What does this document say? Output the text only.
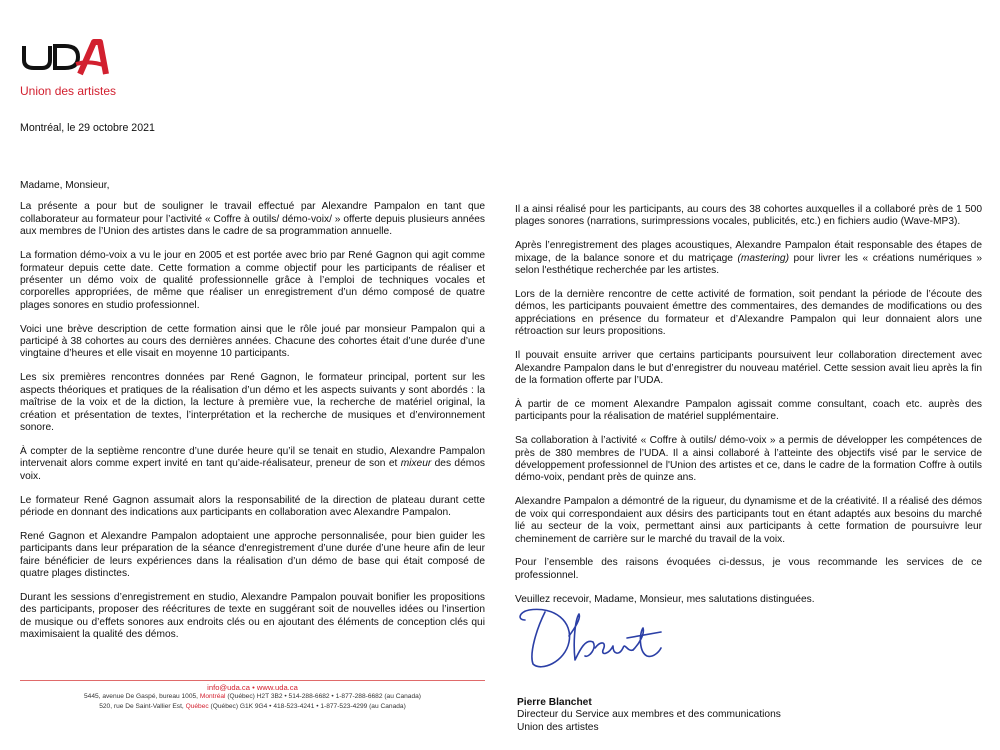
Union des artistes
Montréal, le 29 octobre 2021

Madame, Monsieur,

La présente a pour but de souligner le travail effectué par Alexandre Pampalon en tant que collaborateur au formateur pour l’activité « Coffre à outils/ démo-voix/ » offerte depuis plusieurs années aux membres de l’Union des artistes dans le cadre de sa programmation annuelle.

La formation démo-voix a vu le jour en 2005 et est portée avec brio par René Gagnon qui agit comme formateur depuis cette date. Cette formation a comme objectif pour les participants de réaliser et présenter un démo voix de qualité professionnelle grâce à l’emploi de techniques vocales et corporelles appropriées, de même que réaliser un enregistrement d’un démo composé de quatre plages sonores en studio professionnel.

Voici une brève description de cette formation ainsi que le rôle joué par monsieur Pampalon qui a participé à 38 cohortes au cours des dernières années. Chacune des cohortes était d’une durée d’une vingtaine d’heures et elle visait en moyenne 10 participants.

Les six premières rencontres données par René Gagnon, le formateur principal, portent sur les aspects théoriques et pratiques de la réalisation d’un démo et les aspects suivants y sont abordés : la maîtrise de la voix et de la diction, la lecture à première vue, la recherche de matériel original, la création et présentation de textes, l’interprétation et la recherche de musiques et d’environnement sonore.

À compter de la septième rencontre d’une durée heure qu’il se tenait en studio, Alexandre Pampalon intervenait alors comme expert invité en tant qu’aide-réalisateur, preneur de son et mixeur des démos voix.

Le formateur René Gagnon assumait alors la responsabilité de la direction de plateau durant cette période en donnant des indications aux participants en collaboration avec Alexandre Pampalon.

René Gagnon et Alexandre Pampalon adoptaient une approche personnalisée, pour bien guider les participants dans leur préparation de la séance d'enregistrement d’une durée d’une heure afin de leur faire bénéficier de leurs expériences dans la réalisation d’un démo de base qui était composé de quatre plages distinctes.

Durant les sessions d’enregistrement en studio, Alexandre Pampalon pouvait bonifier les propositions des participants, proposer des réécritures de texte en suggérant soit de nouvelles idées ou l’insertion de musique ou d’effets sonores aux endroits clés ou en ajoutant des éléments de conception clés qui maximisaient la qualité des démos.

Il a ainsi réalisé pour les participants, au cours des 38 cohortes auxquelles il a collaboré près de 1 500 plages sonores (narrations, surimpressions vocales, publicités, etc.) en fichiers audio (Wave-MP3).

Après l’enregistrement des plages acoustiques, Alexandre Pampalon était responsable des étapes de mixage, de la balance sonore et du matriçage (mastering) pour livrer les « créations numériques » selon l'esthétique recherchée par les artistes.

Lors de la dernière rencontre de cette activité de formation, soit pendant la période de l’écoute des démos, les participants pouvaient émettre des commentaires, des demandes de modifications ou des appréciations en présence du formateur et d’Alexandre Pampalon qui leur donnaient alors une rétroaction sur leurs propositions.

Il pouvait ensuite arriver que certains participants poursuivent leur collaboration directement avec Alexandre Pampalon dans le but d’enregistrer du nouveau matériel. Cette session avait lieu après la fin de la formation offerte par l’UDA.

À partir de ce moment Alexandre Pampalon agissait comme consultant, coach etc. auprès des participants pour la réalisation de matériel supplémentaire.

Sa collaboration à l’activité « Coffre à outils/ démo-voix » a permis de développer les compétences de près de 380 membres de l’UDA. Il a ainsi collaboré à l’atteinte des objectifs visé par le service de développement professionnel de l'Union des artistes et ce, dans le cadre de la formation Coffre à outils démo-voix, pendant près de quinze ans.

Alexandre Pampalon a démontré de la rigueur, du dynamisme et de la créativité. Il a réalisé des démos de voix qui correspondaient aux désirs des participants tout en étant adaptés aux besoins du marché lié au secteur de la voix, permettant ainsi aux participants à cette formation de poursuivre leur cheminement de carrière sur le marché du travail de la voix.

Pour l’ensemble des raisons évoquées ci-dessus, je vous recommande les services de ce professionnel.

Veuillez recevoir, Madame, Monsieur, mes salutations distinguées.

Pierre Blanchet
Directeur du Service aux membres et des communications
Union des artistes
info@uda.ca • www.uda.ca
5445, avenue De Gaspé, bureau 1005, Montréal (Québec) H2T 3B2 • 514-288-6682 • 1-877-288-6682 (au Canada)
520, rue De Saint-Vallier Est, Québec (Québec) G1K 9G4 • 418-523-4241 • 1-877-523-4299 (au Canada)
